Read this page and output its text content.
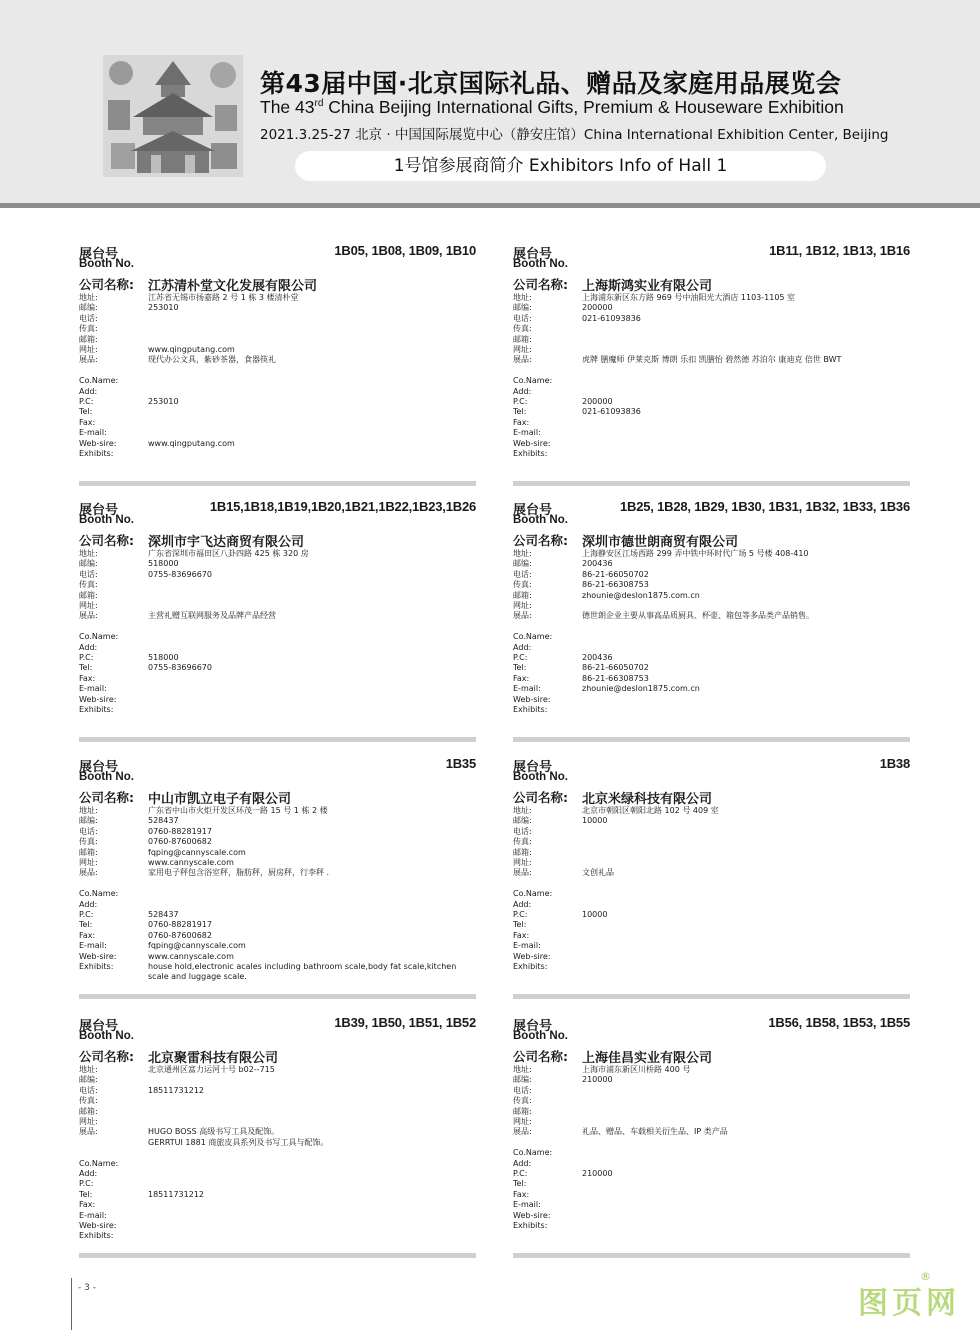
第43届中国·北京国际礼品、赠品及家庭用品展览会
The 43rd China Beijing International Gifts, Premium & Houseware Exhibition
2021.3.25-27 北京 · 中国国际展览中心（静安庄馆）China International Exhibition Center, Beijing
1号馆参展商简介 Exhibitors Info of Hall 1
展台号
Booth No.
1B05, 1B08, 1B09, 1B10
公司名称: 江苏清朴堂文化发展有限公司
地址:	江苏省无锡市扬嘉路 2 号 1 栋 3 楼清朴堂
邮编:	253010
电话:
传真:
邮箱:
网址:	www.qingputang.com
展品:	现代办公文具，紫砂茶器，食器筷礼
Co.Name:
Add:
P.C:	253010
Tel:
Fax:
E-mail:
Web-sire:	www.qingputang.com
Exhibits:
展台号
Booth No.
1B11, 1B12, 1B13, 1B16
公司名称: 上海斯鸿实业有限公司
地址:	上海浦东新区东方路 969 号中油阳光大酒店 1103-1105 室
邮编:	200000
电话:	021-61093836
传真:
邮箱:
网址:
展品:	虎牌 膳魔师 伊莱克斯 博朗 乐扣 凯膳怡 碧然德 苏泊尔 康迪克 倍世 BWT
Co.Name:
Add:
P.C:	200000
Tel:	021-61093836
Fax:
E-mail:
Web-sire:
Exhibits:
展台号
Booth No.
1B15,1B18,1B19,1B20,1B21,1B22,1B23,1B26
公司名称: 深圳市宇飞达商贸有限公司
地址:	广东省深圳市福田区八卦四路 425 栋 320 房
邮编:	518000
电话:	0755-83696670
传真:
邮箱:
网址:
展品:	主营礼赠互联网服务及品牌产品经营
Co.Name:
Add:
P.C:	518000
Tel:	0755-83696670
Fax:
E-mail:
Web-sire:
Exhibits:
展台号
Booth No.
1B25, 1B28, 1B29, 1B30, 1B31, 1B32, 1B33, 1B36
公司名称: 深圳市德世朗商贸有限公司
地址:	上海静安区江场西路 299 弄中铁中环时代广场 5 号楼 408-410
邮编:	200436
电话:	86-21-66050702
传真:	86-21-66308753
邮箱:	zhounie@deslon1875.com.cn
网址:
展品:	德世朗企业主要从事高品质厨具、杯壶、箱包等多品类产品销售。
Co.Name:
Add:
P.C:	200436
Tel:	86-21-66050702
Fax:	86-21-66308753
E-mail:	zhounie@deslon1875.com.cn
Web-sire:
Exhibits:
展台号
Booth No.
1B35
公司名称: 中山市凯立电子有限公司
地址:	广东省中山市火炬开发区环茂一路 15 号 1 栋 2 楼
邮编:	528437
电话:	0760-88281917
传真:	0760-87600682
邮箱:	fqping@cannyscale.com
网址:	www.cannyscale.com
展品:	家用电子秤包含浴室秤，脂肪秤，厨房秤，行李秤 .
Co.Name:
Add:
P.C:	528437
Tel:	0760-88281917
Fax:	0760-87600682
E-mail:	fqping@cannyscale.com
Web-sire:	www.cannyscale.com
Exhibits:	house hold,electronic acales including bathroom scale,body fat scale,kitchen scale and luggage scale.
展台号
Booth No.
1B38
公司名称: 北京米绿科技有限公司
地址:	北京市朝阳区朝阳北路 102 号 409 室
邮编:	10000
电话:
传真:
邮箱:
网址:
展品:	文创礼品
Co.Name:
Add:
P.C:	10000
Tel:
Fax:
E-mail:
Web-sire:
Exhibits:
展台号
Booth No.
1B39, 1B50, 1B51, 1B52
公司名称: 北京聚雷科技有限公司
地址:	北京通州区富力运河十号 b02--715
邮编:
电话:	18511731212
传真:
邮箱:
网址:
展品:	HUGO BOSS 高级书写工具及配饰。
GERRTUI 1881 商旅皮具系列及书写工具与配饰。
Co.Name:
Add:
P.C:
Tel:	18511731212
Fax:
E-mail:
Web-sire:
Exhibits:
展台号
Booth No.
1B56, 1B58, 1B53, 1B55
公司名称: 上海佳昌实业有限公司
地址:	上海市浦东新区川桥路 400 号
邮编:	210000
电话:
传真:
邮箱:
网址:
展品:	礼品、赠品、车载相关衍生品、IP 类产品
Co.Name:
Add:
P.C:	210000
Tel:
Fax:
E-mail:
Web-sire:
Exhibits:
- 3 -	图页网
®
